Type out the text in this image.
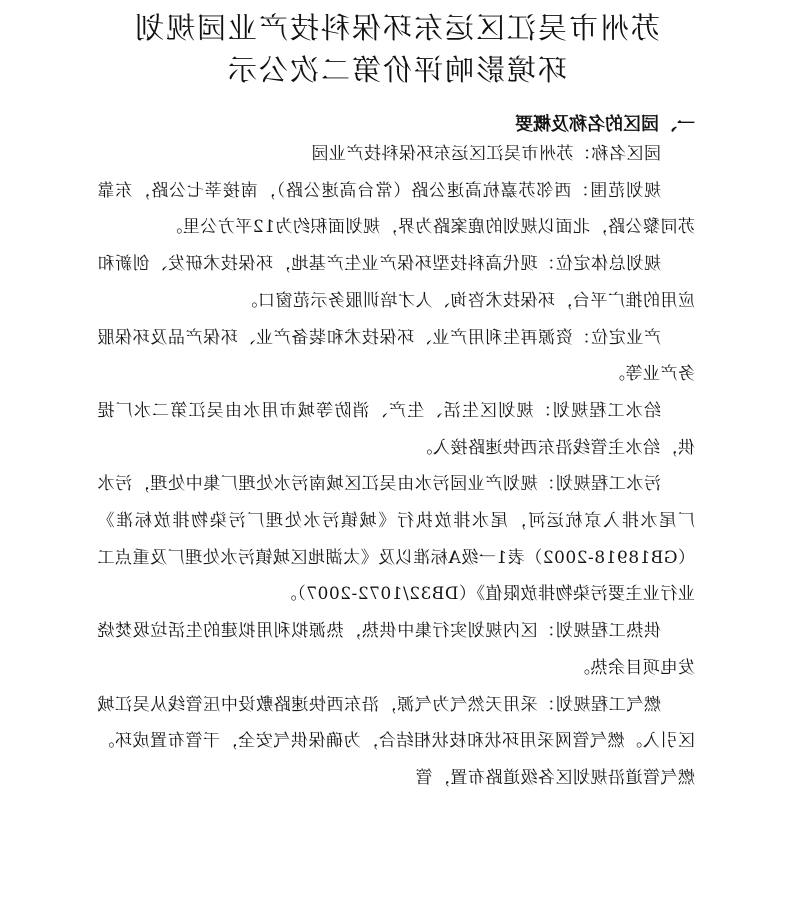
苏州市吴江区运东环保科技产业园规划
环境影响评价第二次公示
一、园区的名称及概要

园区名称：苏州市吴江区运东环保科技产业园

规划范围：西邻苏嘉杭高速公路（常台高速公路），南接莘七公路，东靠苏同黎公路，北面以规划的鹿案路为界，规划面积约为12平方公里。

规划总体定位：现代高科技型环保产业生产基地，环保技术研发、创新和应用的推广平台，环保技术咨询、人才培训服务示范窗口。

产业定位：资源再生利用产业、环保技术和装备产业、环保产品及环保服务产业等。

给水工程规划：规划区生活、生产、消防等城市用水由吴江第二水厂提供，给水主管线沿东西快速路接入。

污水工程规划：规划产业园污水由吴江区城南污水处理厂集中处理，污水厂尾水排入京杭运河，尾水排放执行《城镇污水处理厂污染物排放标准》（GB18918-2002）表1一级A标准以及《太湖地区城镇污水处理厂及重点工业行业主要污染物排放限值》（DB32/1072-2007）。

供热工程规划：区内规划实行集中供热，热源拟利用拟建的生活垃圾焚烧发电项目余热。

燃气工程规划：采用天然气为气源，沿东西快速路敷设中压管线从吴江城区引入。燃气管网采用环状和枝状相结合，为确保供气安全，干管布置成环。燃气管道沿规划区各级道路布置，管
